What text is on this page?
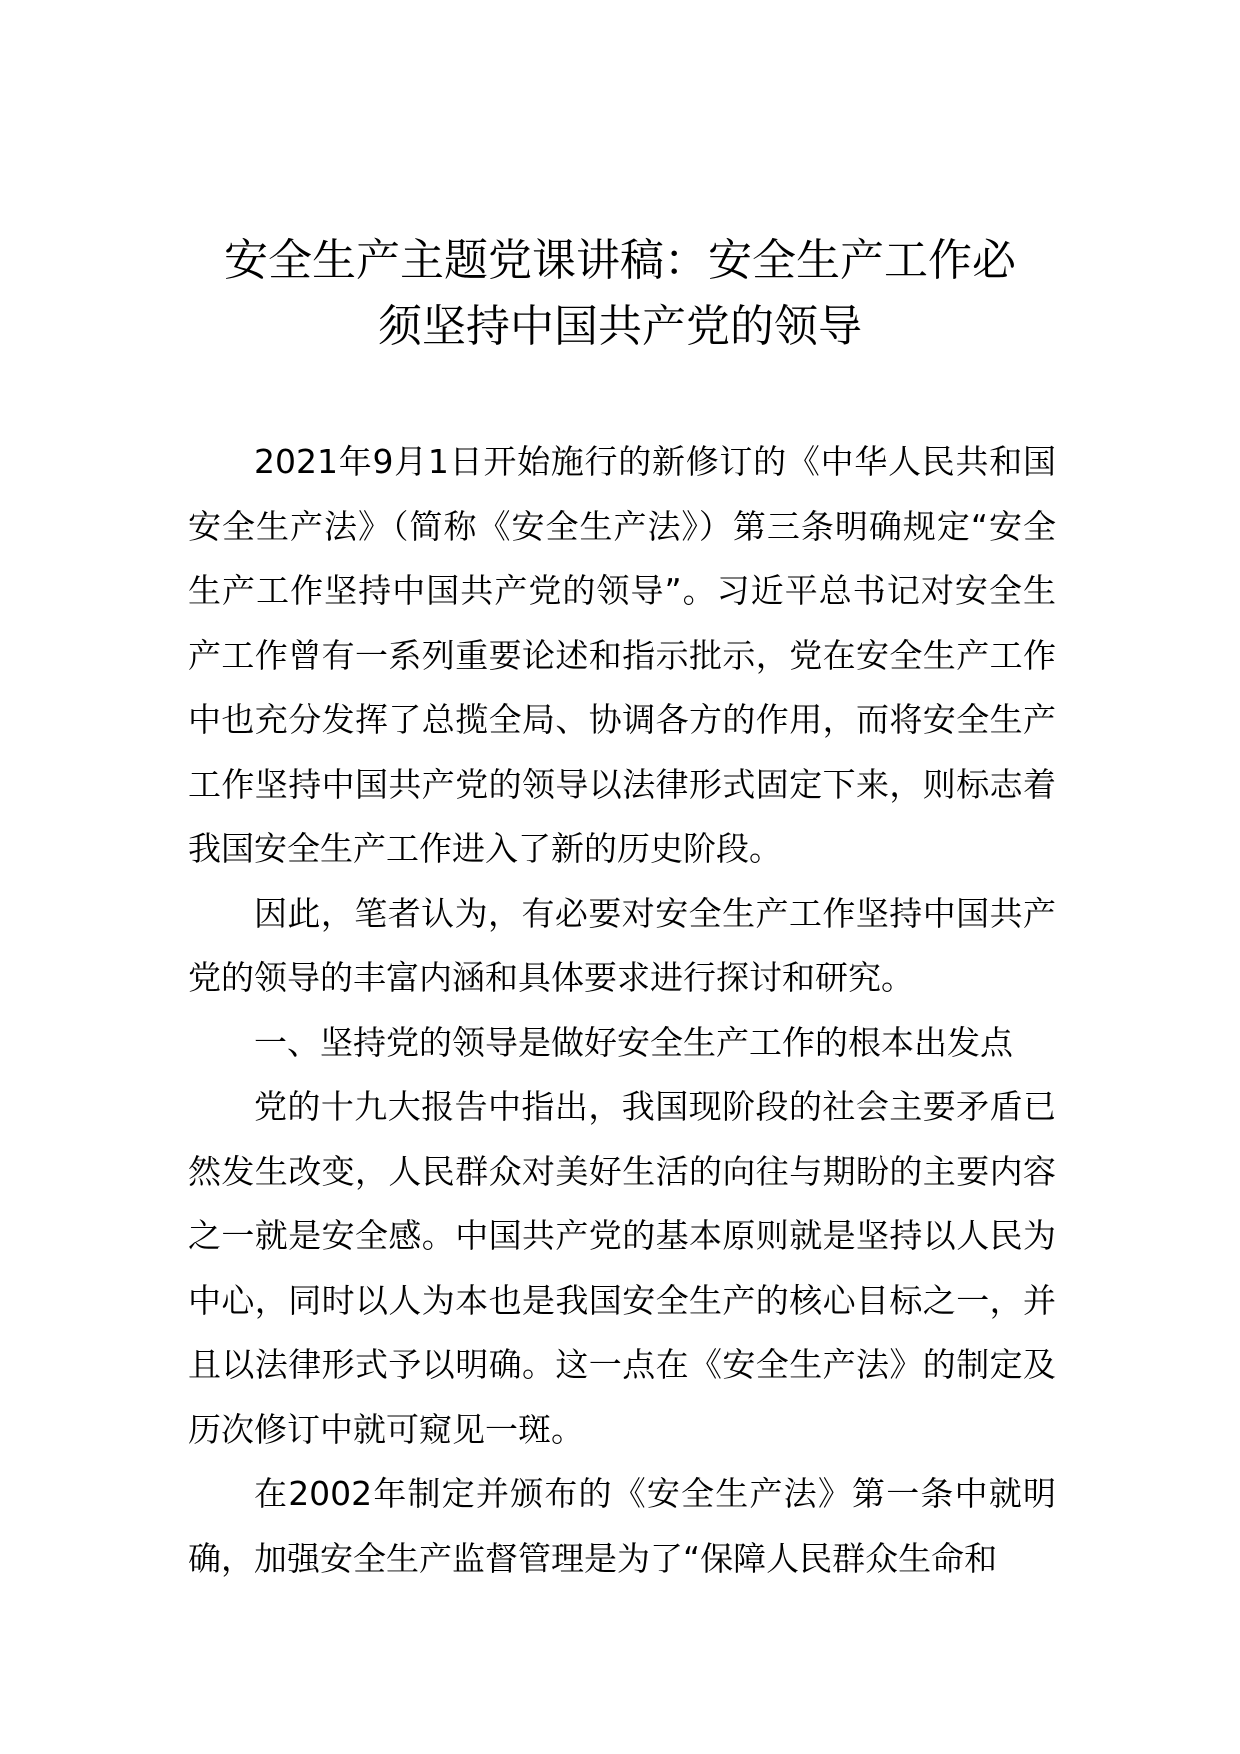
安全生产主题党课讲稿：安全生产工作必
须坚持中国共产党的领导

2021年9月1日开始施行的新修订的《中华人民共和国安全生产法》（简称《安全生产法》）第三条明确规定“安全生产工作坚持中国共产党的领导”。习近平总书记对安全生产工作曾有一系列重要论述和指示批示，党在安全生产工作中也充分发挥了总揽全局、协调各方的作用，而将安全生产工作坚持中国共产党的领导以法律形式固定下来，则标志着我国安全生产工作进入了新的历史阶段。

因此，笔者认为，有必要对安全生产工作坚持中国共产党的领导的丰富内涵和具体要求进行探讨和研究。

一、坚持党的领导是做好安全生产工作的根本出发点

党的十九大报告中指出，我国现阶段的社会主要矛盾已然发生改变，人民群众对美好生活的向往与期盼的主要内容之一就是安全感。中国共产党的基本原则就是坚持以人民为中心，同时以人为本也是我国安全生产的核心目标之一，并且以法律形式予以明确。这一点在《安全生产法》的制定及历次修订中就可窥见一斑。

在2002年制定并颁布的《安全生产法》第一条中就明确，加强安全生产监督管理是为了“保障人民群众生命和
